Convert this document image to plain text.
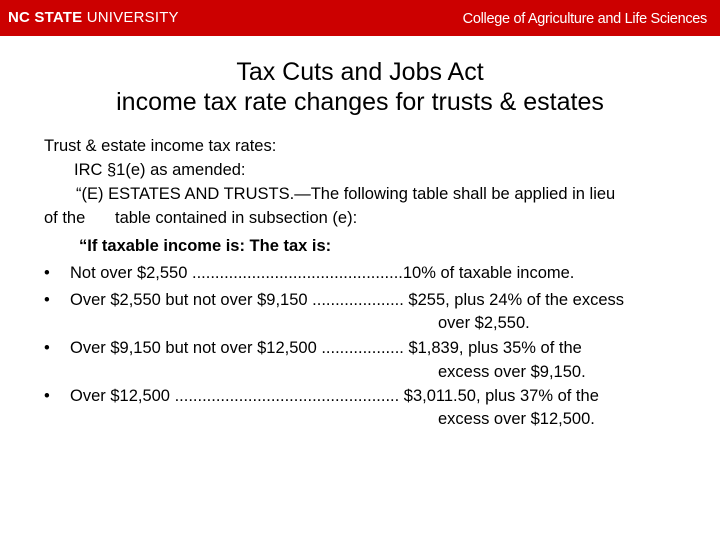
NC STATE UNIVERSITY	College of Agriculture and Life Sciences
Tax Cuts and Jobs Act
income tax rate changes for trusts & estates
Trust & estate income tax rates:
IRC §1(e) as amended:
“(E) ESTATES AND TRUSTS.—The following table shall be applied in lieu
of the table contained in subsection (e):
“If taxable income is: The tax is:
• Not over $2,550 ..............................................10% of taxable income.
• Over $2,550 but not over $9,150 .................... $255, plus 24% of the excess
over $2,550.
• Over $9,150 but not over $12,500 .................. $1,839, plus 35% of the
excess over $9,150.
• Over $12,500 ................................................. $3,011.50, plus 37% of the
excess over $12,500.
